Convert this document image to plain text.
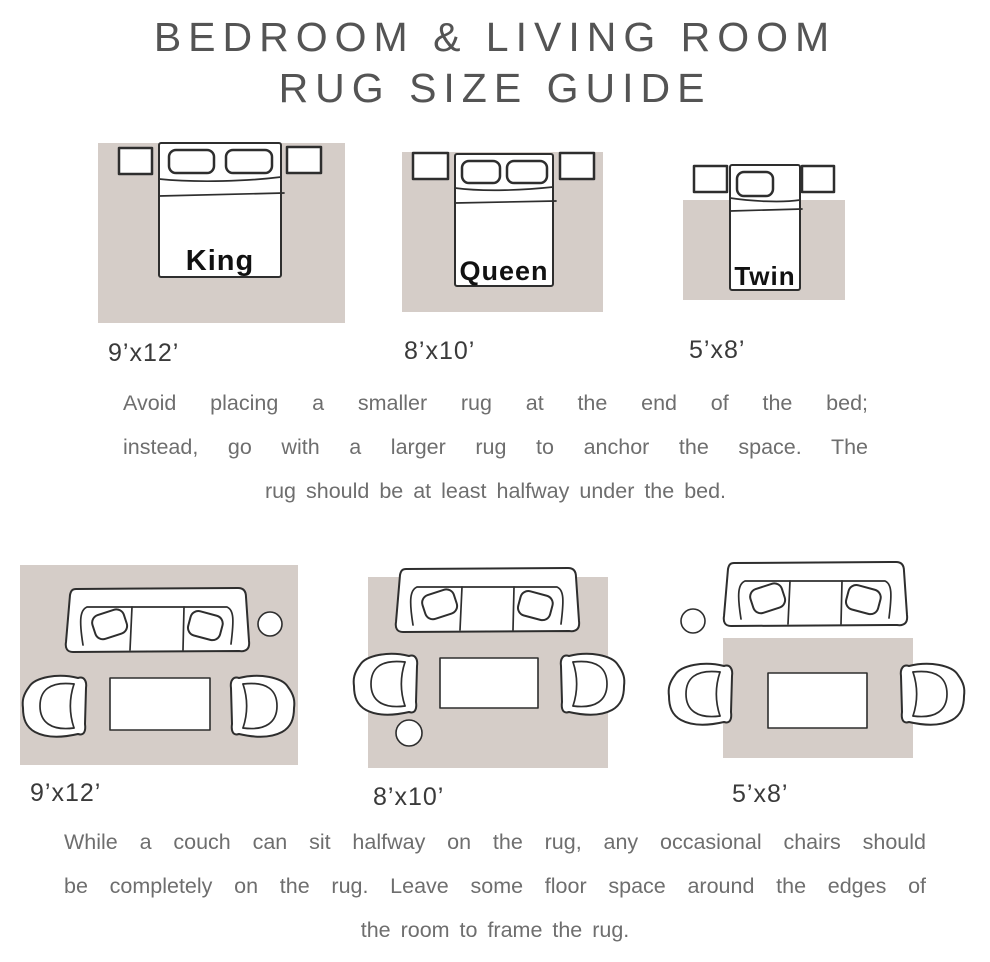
BEDROOM & LIVING ROOM
RUG SIZE GUIDE
King	Queen	Twin
9’x12’	8’x10’	5’x8’
Avoid placing a smaller rug at the end of the bed;
instead, go with a larger rug to anchor the space. The
rug should be at least halfway under the bed.
9’x12’	8’x10’	5’x8’
While a couch can sit halfway on the rug, any occasional chairs should
be completely on the rug. Leave some floor space around the edges of
the room to frame the rug.
